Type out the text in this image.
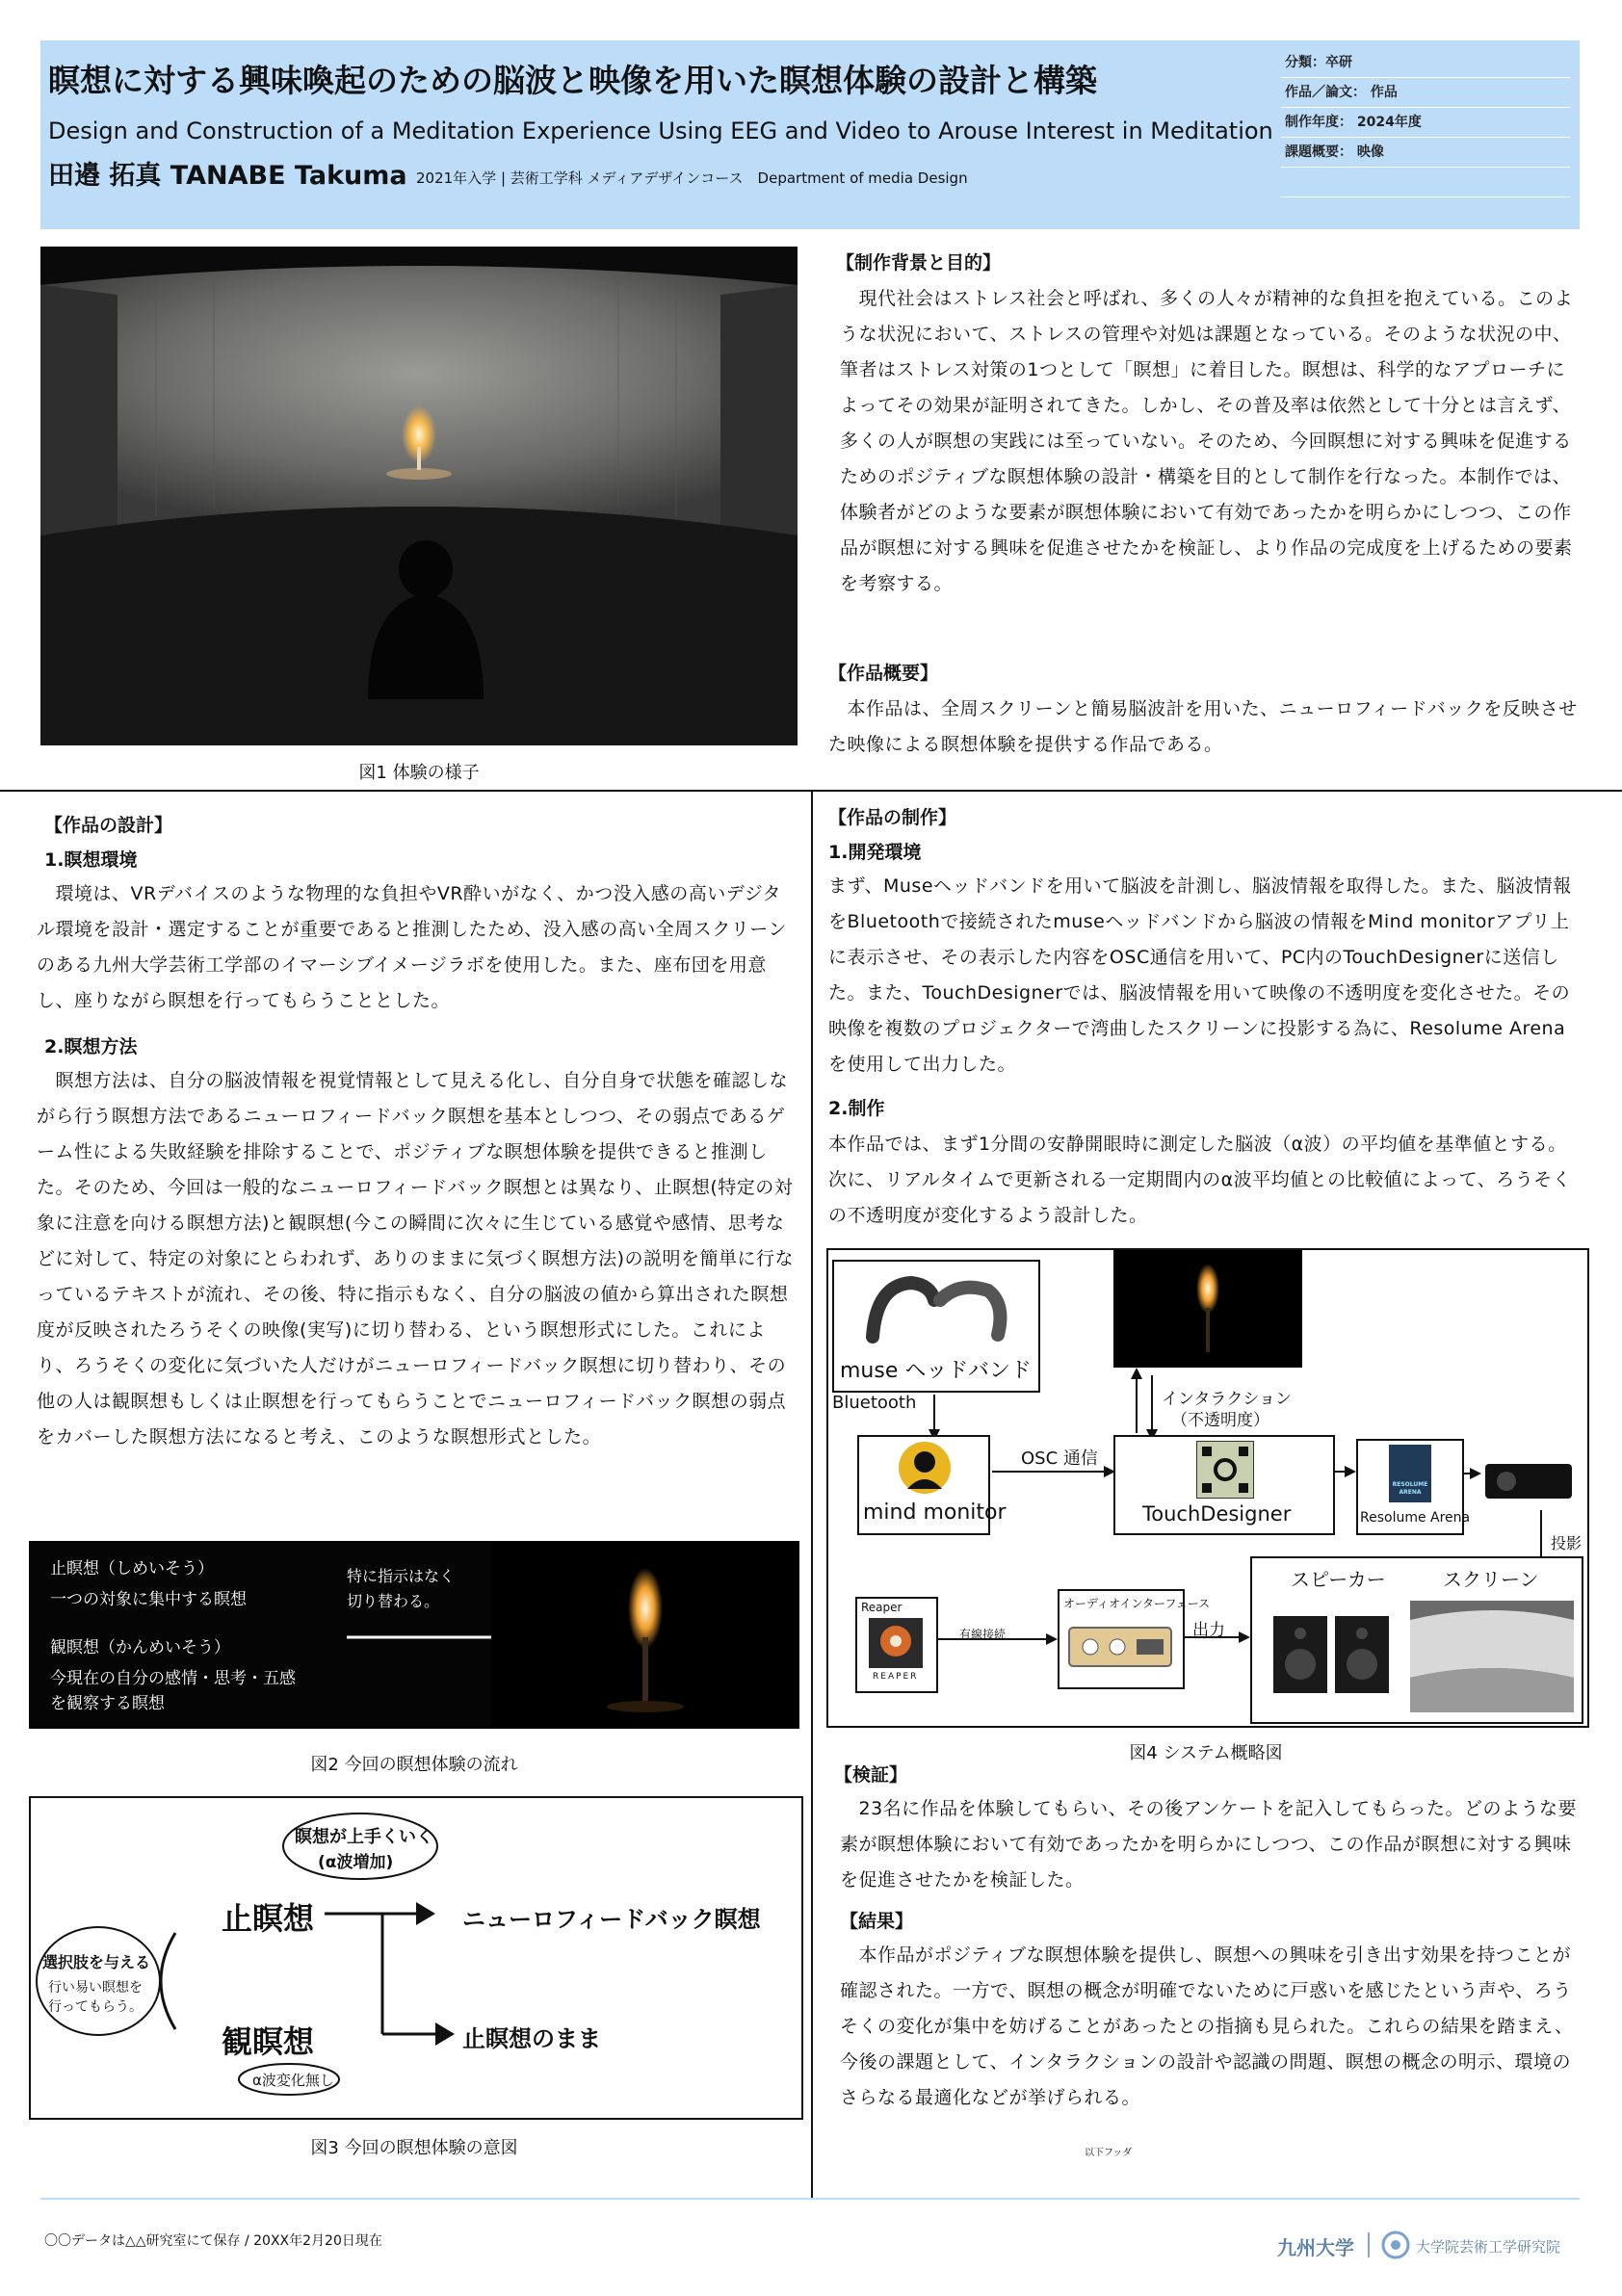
瞑想に対する興味喚起のための脳波と映像を用いた瞑想体験の設計と構築
Design and Construction of a Meditation Experience Using EEG and Video to Arouse Interest in Meditation
田邉 拓真 TANABE Takuma 2021年入学 | 芸術工学科 メディアデザインコース　Department of media Design
分類：卒研
作品／論文： 作品
制作年度： 2024年度
課題概要： 映像
図1 体験の様子
【制作背景と目的】
　現代社会はストレス社会と呼ばれ、多くの人々が精神的な負担を抱えている。このような状況において、ストレスの管理や対処は課題となっている。そのような状況の中、筆者はストレス対策の1つとして「瞑想」に着目した。瞑想は、科学的なアプローチによってその効果が証明されてきた。しかし、その普及率は依然として十分とは言えず、多くの人が瞑想の実践には至っていない。そのため、今回瞑想に対する興味を促進するためのポジティブな瞑想体験の設計・構築を目的として制作を行なった。本制作では、体験者がどのような要素が瞑想体験において有効であったかを明らかにしつつ、この作品が瞑想に対する興味を促進させたかを検証し、より作品の完成度を上げるための要素を考察する。
【作品概要】
　本作品は、全周スクリーンと簡易脳波計を用いた、ニューロフィードバックを反映させた映像による瞑想体験を提供する作品である。
【作品の設計】
1.瞑想環境
　環境は、VRデバイスのような物理的な負担やVR酔いがなく、かつ没入感の高いデジタル環境を設計・選定することが重要であると推測したため、没入感の高い全周スクリーンのある九州大学芸術工学部のイマーシブイメージラボを使用した。また、座布団を用意し、座りながら瞑想を行ってもらうこととした。
2.瞑想方法
　瞑想方法は、自分の脳波情報を視覚情報として見える化し、自分自身で状態を確認しながら行う瞑想方法であるニューロフィードバック瞑想を基本としつつ、その弱点であるゲーム性による失敗経験を排除することで、ポジティブな瞑想体験を提供できると推測した。そのため、今回は一般的なニューロフィードバック瞑想とは異なり、止瞑想(特定の対象に注意を向ける瞑想方法)と観瞑想(今この瞬間に次々に生じている感覚や感情、思考などに対して、特定の対象にとらわれず、ありのままに気づく瞑想方法)の説明を簡単に行なっているテキストが流れ、その後、特に指示もなく、自分の脳波の値から算出された瞑想度が反映されたろうそくの映像(実写)に切り替わる、という瞑想形式にした。これにより、ろうそくの変化に気づいた人だけがニューロフィードバック瞑想に切り替わり、その他の人は観瞑想もしくは止瞑想を行ってもらうことでニューロフィードバック瞑想の弱点をカバーした瞑想方法になると考え、このような瞑想形式とした。
止瞑想（しめいそう）
一つの対象に集中する瞑想
観瞑想（かんめいそう）
今現在の自分の感情・思考・五感
を観察する瞑想
特に指示はなく
切り替わる。
図2 今回の瞑想体験の流れ
選択肢を与える
行い易い瞑想を
行ってもらう。
止瞑想
観瞑想
瞑想が上手くいく
(α波増加)
ニューロフィードバック瞑想
止瞑想のまま
α波変化無し
図3 今回の瞑想体験の意図
【作品の制作】
1.開発環境
まず、Museヘッドバンドを用いて脳波を計測し、脳波情報を取得した。また、脳波情報をBluetoothで接続されたmuseヘッドバンドから脳波の情報をMind monitorアプリ上に表示させ、その表示した内容をOSC通信を用いて、PC内のTouchDesignerに送信した。また、TouchDesignerでは、脳波情報を用いて映像の不透明度を変化させた。その映像を複数のプロジェクターで湾曲したスクリーンに投影する為に、Resolume Arenaを使用して出力した。
2.制作
本作品では、まず1分間の安静開眼時に測定した脳波（α波）の平均値を基準値とする。次に、リアルタイムで更新される一定期間内のα波平均値との比較値によって、ろうそくの不透明度が変化するよう設計した。
muse ヘッドバンド
Bluetooth
mind monitor
OSC 通信
インタラクション
（不透明度）
TouchDesigner
RESOLUME ARENA
Resolume Arena
投影
Reaper
REAPER
有線接続
オーディオインターフェース
出力
スピーカー	スクリーン
図4 システム概略図
【検証】
　23名に作品を体験してもらい、その後アンケートを記入してもらった。どのような要素が瞑想体験において有効であったかを明らかにしつつ、この作品が瞑想に対する興味を促進させたかを検証した。
【結果】
　本作品がポジティブな瞑想体験を提供し、瞑想への興味を引き出す効果を持つことが確認された。一方で、瞑想の概念が明確でないために戸惑いを感じたという声や、ろうそくの変化が集中を妨げることがあったとの指摘も見られた。これらの結果を踏まえ、今後の課題として、インタラクションの設計や認識の問題、瞑想の概念の明示、環境のさらなる最適化などが挙げられる。
以下フッダ
〇〇データは△△研究室にて保存 / 20XX年2月20日現在	九州大学	大学院芸術工学研究院
